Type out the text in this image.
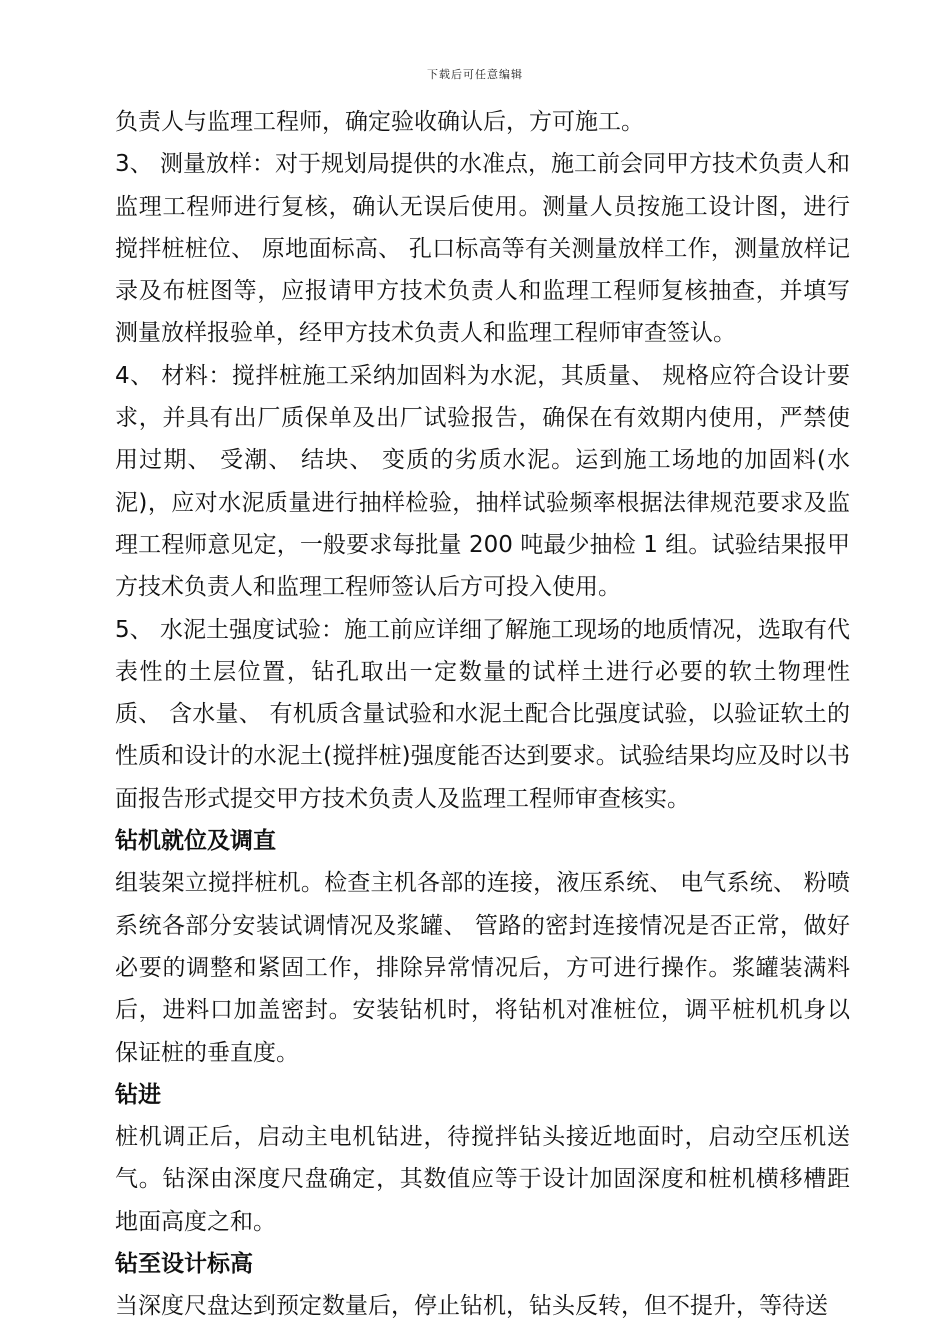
下载后可任意编辑

负责人与监理工程师，确定验收确认后，方可施工。

3、 测量放样：对于规划局提供的水准点，施工前会同甲方技术负责人和监理工程师进行复核，确认无误后使用。测量人员按施工设计图，进行搅拌桩桩位、 原地面标高、 孔口标高等有关测量放样工作，测量放样记录及布桩图等，应报请甲方技术负责人和监理工程师复核抽查，并填写测量放样报验单，经甲方技术负责人和监理工程师审查签认。

4、 材料：搅拌桩施工采纳加固料为水泥，其质量、 规格应符合设计要求，并具有出厂质保单及出厂试验报告，确保在有效期内使用，严禁使用过期、 受潮、 结块、 变质的劣质水泥。运到施工场地的加固料(水泥)，应对水泥质量进行抽样检验，抽样试验频率根据法律规范要求及监理工程师意见定，一般要求每批量 200 吨最少抽检 1 组。试验结果报甲方技术负责人和监理工程师签认后方可投入使用。

5、 水泥土强度试验：施工前应详细了解施工现场的地质情况，选取有代表性的土层位置，钻孔取出一定数量的试样土进行必要的软土物理性质、 含水量、 有机质含量试验和水泥土配合比强度试验，以验证软土的性质和设计的水泥土(搅拌桩)强度能否达到要求。试验结果均应及时以书面报告形式提交甲方技术负责人及监理工程师审查核实。

钻机就位及调直

组装架立搅拌桩机。检查主机各部的连接，液压系统、 电气系统、 粉喷系统各部分安装试调情况及浆罐、 管路的密封连接情况是否正常，做好必要的调整和紧固工作，排除异常情况后，方可进行操作。浆罐装满料后，进料口加盖密封。安装钻机时，将钻机对准桩位，调平桩机机身以保证桩的垂直度。

钻进

桩机调正后，启动主电机钻进，待搅拌钻头接近地面时，启动空压机送气。钻深由深度尺盘确定，其数值应等于设计加固深度和桩机横移槽距地面高度之和。

钻至设计标高

当深度尺盘达到预定数量后，停止钻机，钻头反转，但不提升，等待送
